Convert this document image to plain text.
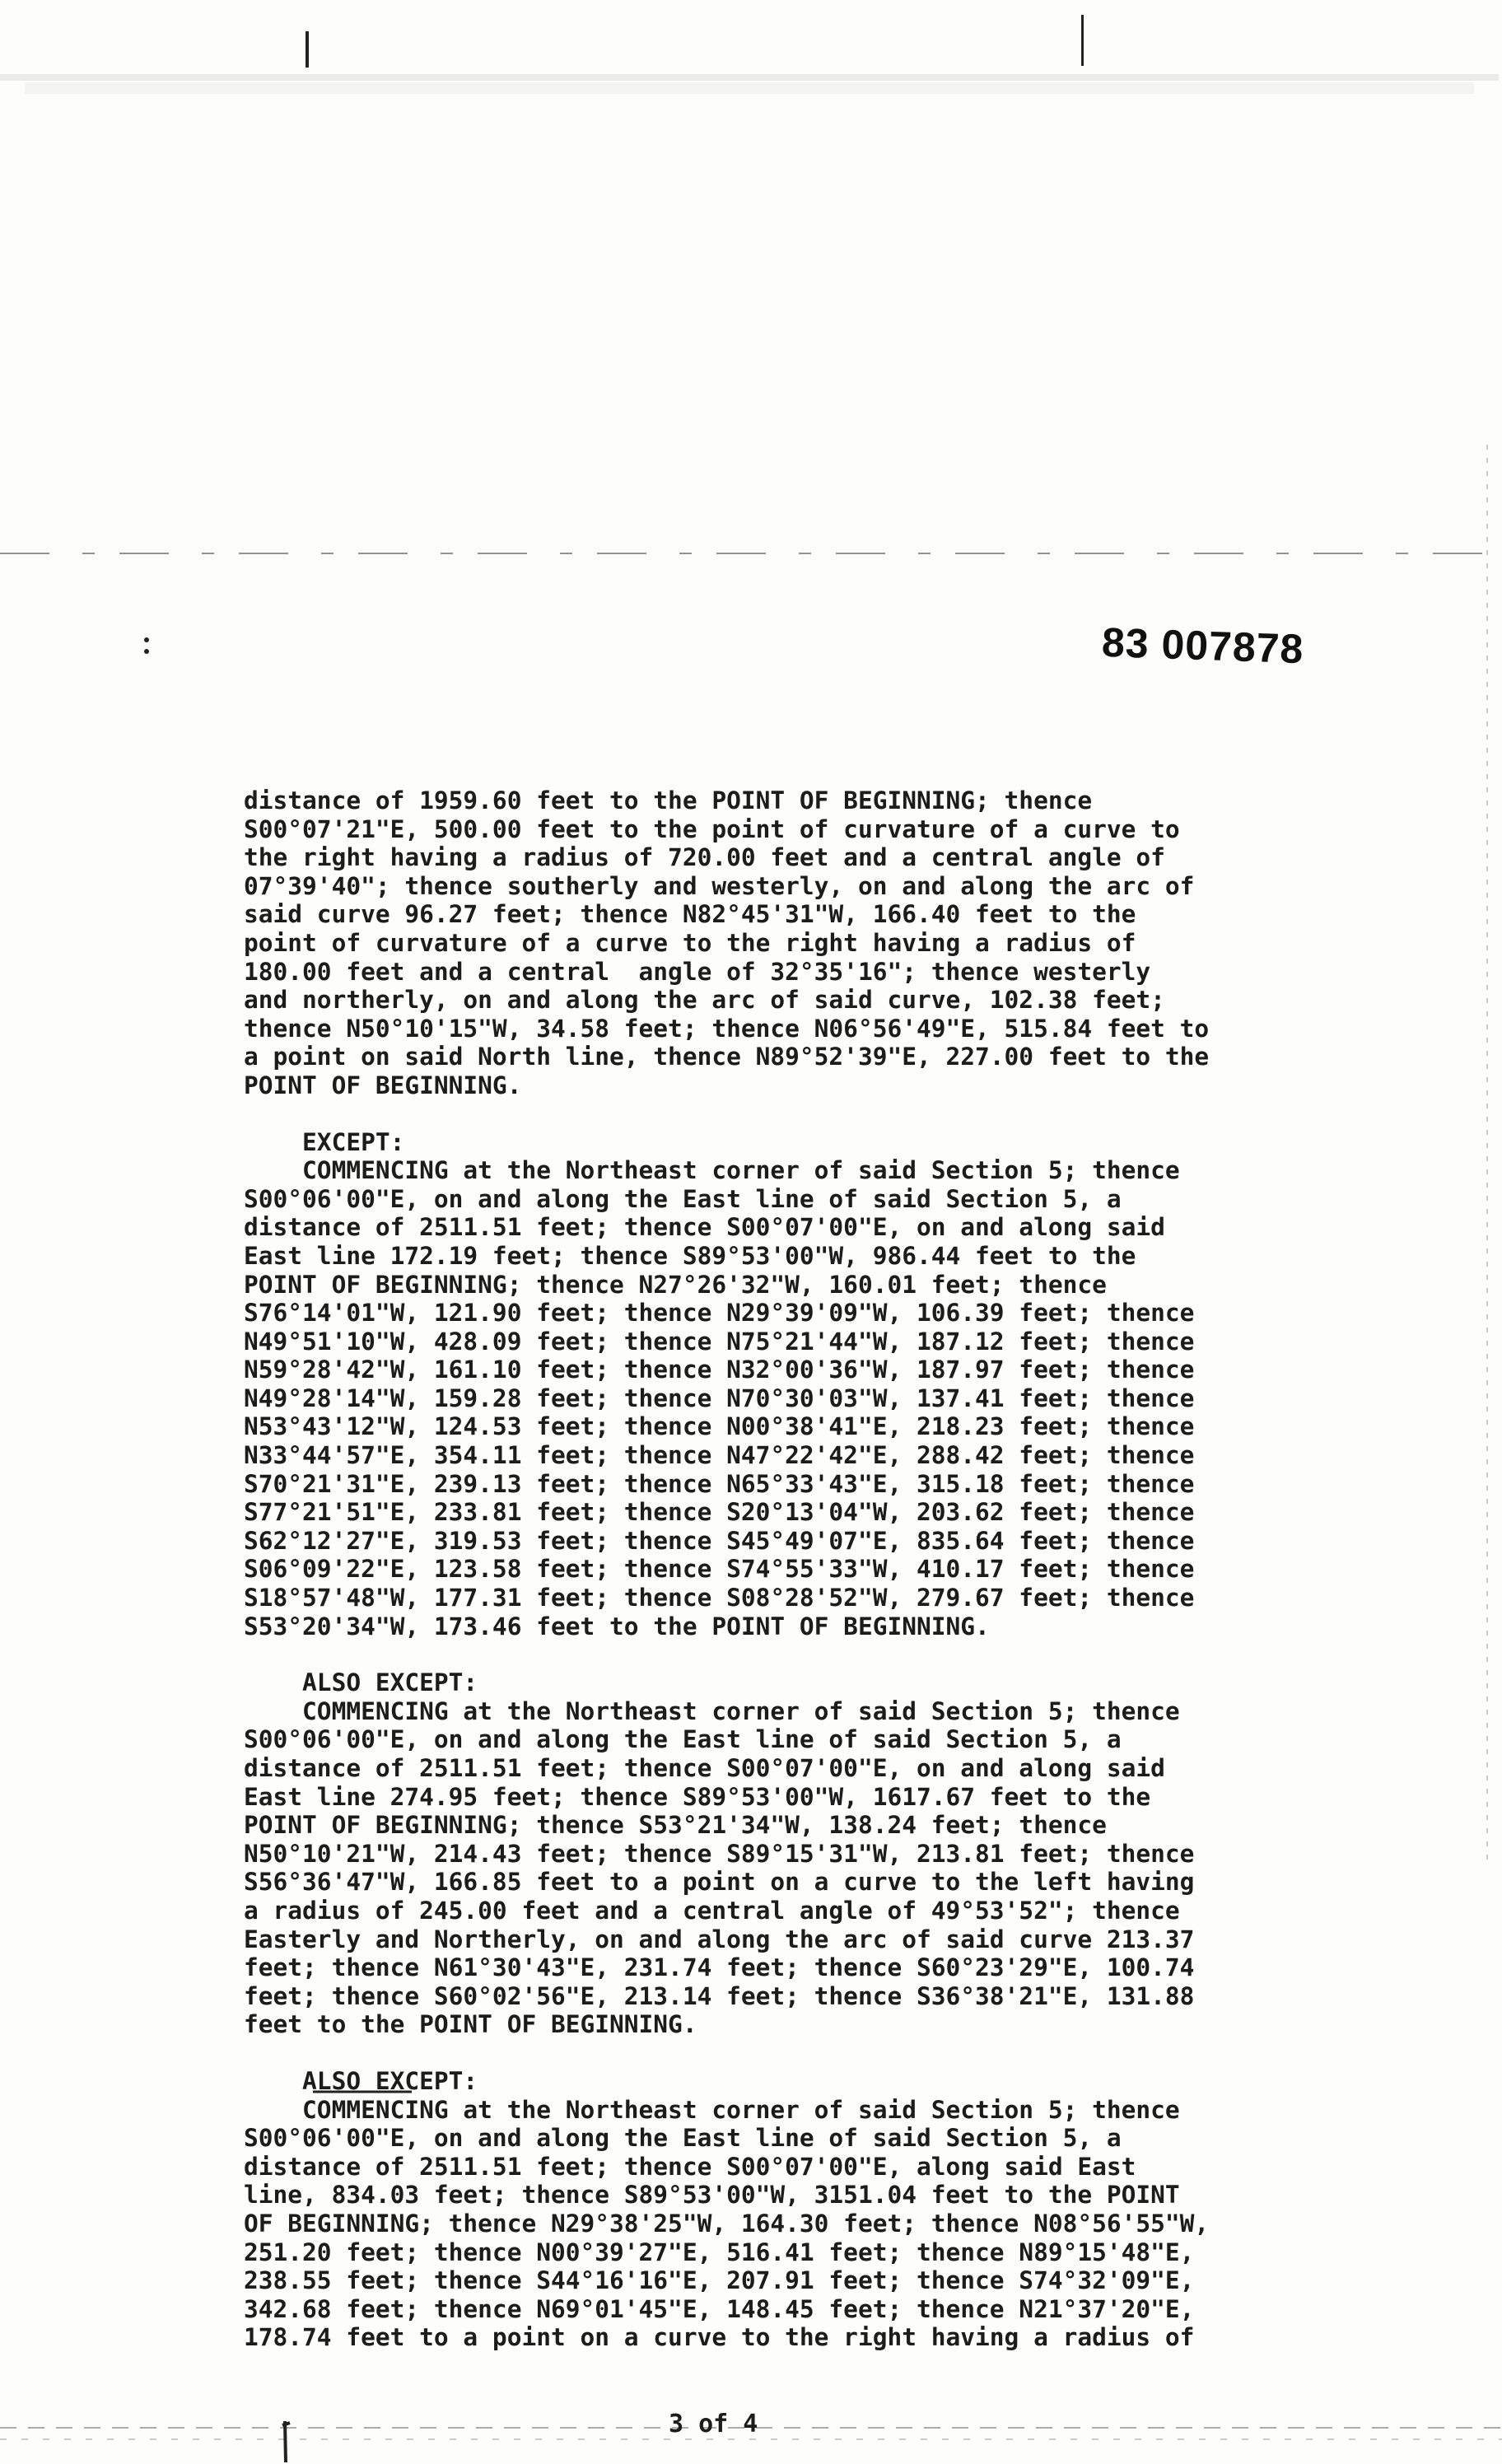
83 007878
distance of 1959.60 feet to the POINT OF BEGINNING; thence
S00°07'21"E, 500.00 feet to the point of curvature of a curve to
the right having a radius of 720.00 feet and a central angle of
07°39'40"; thence southerly and westerly, on and along the arc of
said curve 96.27 feet; thence N82°45'31"W, 166.40 feet to the
point of curvature of a curve to the right having a radius of
180.00 feet and a central  angle of 32°35'16"; thence westerly
and northerly, on and along the arc of said curve, 102.38 feet;
thence N50°10'15"W, 34.58 feet; thence N06°56'49"E, 515.84 feet to
a point on said North line, thence N89°52'39"E, 227.00 feet to the
POINT OF BEGINNING.
EXCEPT:
COMMENCING at the Northeast corner of said Section 5; thence
S00°06'00"E, on and along the East line of said Section 5, a
distance of 2511.51 feet; thence S00°07'00"E, on and along said
East line 172.19 feet; thence S89°53'00"W, 986.44 feet to the
POINT OF BEGINNING; thence N27°26'32"W, 160.01 feet; thence
S76°14'01"W, 121.90 feet; thence N29°39'09"W, 106.39 feet; thence
N49°51'10"W, 428.09 feet; thence N75°21'44"W, 187.12 feet; thence
N59°28'42"W, 161.10 feet; thence N32°00'36"W, 187.97 feet; thence
N49°28'14"W, 159.28 feet; thence N70°30'03"W, 137.41 feet; thence
N53°43'12"W, 124.53 feet; thence N00°38'41"E, 218.23 feet; thence
N33°44'57"E, 354.11 feet; thence N47°22'42"E, 288.42 feet; thence
S70°21'31"E, 239.13 feet; thence N65°33'43"E, 315.18 feet; thence
S77°21'51"E, 233.81 feet; thence S20°13'04"W, 203.62 feet; thence
S62°12'27"E, 319.53 feet; thence S45°49'07"E, 835.64 feet; thence
S06°09'22"E, 123.58 feet; thence S74°55'33"W, 410.17 feet; thence
S18°57'48"W, 177.31 feet; thence S08°28'52"W, 279.67 feet; thence
S53°20'34"W, 173.46 feet to the POINT OF BEGINNING.
ALSO EXCEPT:
COMMENCING at the Northeast corner of said Section 5; thence
S00°06'00"E, on and along the East line of said Section 5, a
distance of 2511.51 feet; thence S00°07'00"E, on and along said
East line 274.95 feet; thence S89°53'00"W, 1617.67 feet to the
POINT OF BEGINNING; thence S53°21'34"W, 138.24 feet; thence
N50°10'21"W, 214.43 feet; thence S89°15'31"W, 213.81 feet; thence
S56°36'47"W, 166.85 feet to a point on a curve to the left having
a radius of 245.00 feet and a central angle of 49°53'52"; thence
Easterly and Northerly, on and along the arc of said curve 213.37
feet; thence N61°30'43"E, 231.74 feet; thence S60°23'29"E, 100.74
feet; thence S60°02'56"E, 213.14 feet; thence S36°38'21"E, 131.88
feet to the POINT OF BEGINNING.
ALSO EXCEPT:
COMMENCING at the Northeast corner of said Section 5; thence
S00°06'00"E, on and along the East line of said Section 5, a
distance of 2511.51 feet; thence S00°07'00"E, along said East
line, 834.03 feet; thence S89°53'00"W, 3151.04 feet to the POINT
OF BEGINNING; thence N29°38'25"W, 164.30 feet; thence N08°56'55"W,
251.20 feet; thence N00°39'27"E, 516.41 feet; thence N89°15'48"E,
238.55 feet; thence S44°16'16"E, 207.91 feet; thence S74°32'09"E,
342.68 feet; thence N69°01'45"E, 148.45 feet; thence N21°37'20"E,
178.74 feet to a point on a curve to the right having a radius of
3 of 4
